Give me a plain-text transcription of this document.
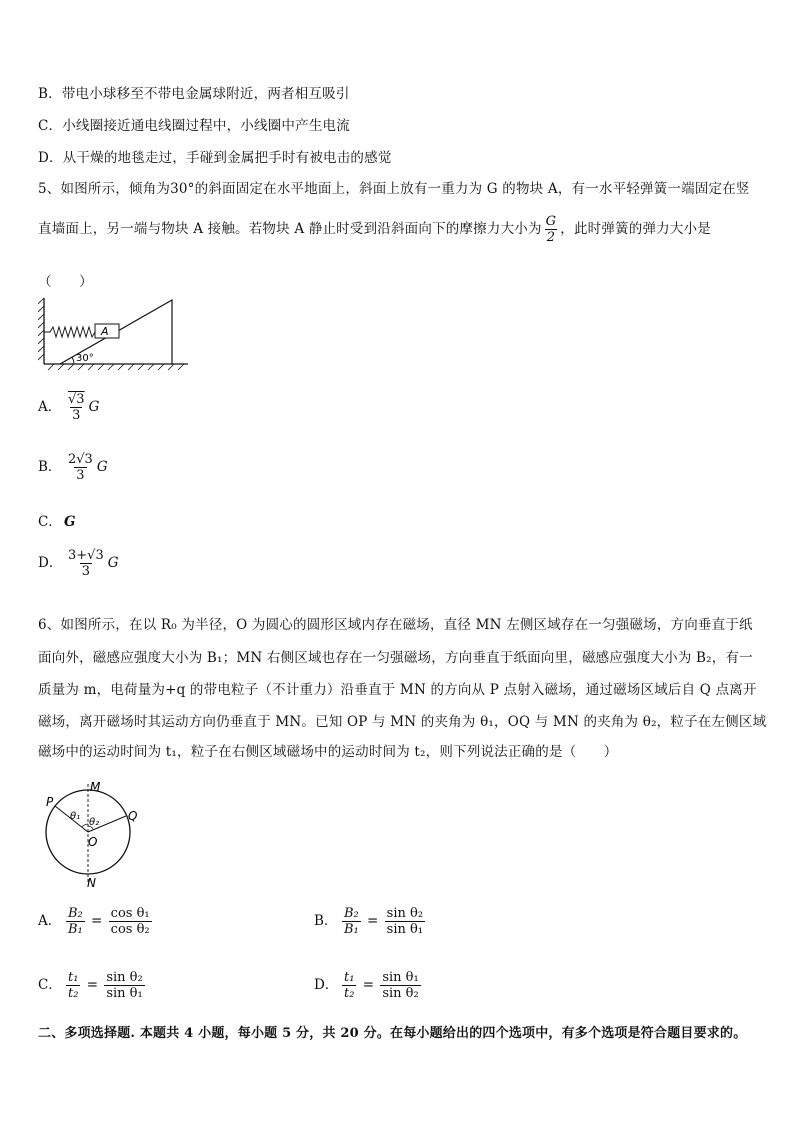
B．带电小球移至不带电金属球附近，两者相互吸引
C．小线圈接近通电线圈过程中，小线圈中产生电流
D．从干燥的地毯走过，手碰到金属把手时有被电击的感觉
5、如图所示，倾角为30°的斜面固定在水平地面上，斜面上放有一重力为 G 的物块 A，有一水平轻弹簧一端固定在竖
直墙面上，另一端与物块 A 接触。若物块 A 静止时受到沿斜面向下的摩擦力大小为 $\frac{G}{2}$ ，此时弹簧的弹力大小是
（　　）
A
30°
A． $\frac{√3}{3}$ G
B． $\frac{2√3}{3}$ G
C． G
D． $\frac{3+√3}{3}$ G
6、如图所示，在以 R₀ 为半径，O 为圆心的圆形区域内存在磁场，直径 MN 左侧区域存在一匀强磁场，方向垂直于纸
面向外，磁感应强度大小为 B₁；MN 右侧区域也存在一匀强磁场，方向垂直于纸面向里，磁感应强度大小为 B₂，有一
质量为 m，电荷量为+q 的带电粒子（不计重力）沿垂直于 MN 的方向从 P 点射入磁场，通过磁场区域后自 Q 点离开
磁场，离开磁场时其运动方向仍垂直于 MN。已知 OP 与 MN 的夹角为 θ₁，OQ 与 MN 的夹角为 θ₂，粒子在左侧区域
磁场中的运动时间为 t₁，粒子在右侧区域磁场中的运动时间为 t₂，则下列说法正确的是（　　）
M
N
P
Q
O
θ₁
θ₂
A． $\frac{\text{B₂}}{\text{B₁}} = \frac{\text{cos θ₁}}{\text{cos θ₂}}$	B． $\frac{\text{B₂}}{\text{B₁}} = \frac{\text{sin θ₂}}{\text{sin θ₁}}$
C． $\frac{\text{t₁}}{\text{t₂}} = \frac{\text{sin θ₂}}{\text{sin θ₁}}$	D． $\frac{\text{t₁}}{\text{t₂}} = \frac{\text{sin θ₁}}{\text{sin θ₂}}$
二、多项选择题. 本题共 4 小题，每小题 5 分，共 20 分。在每小题给出的四个选项中，有多个选项是符合题目要求的。
